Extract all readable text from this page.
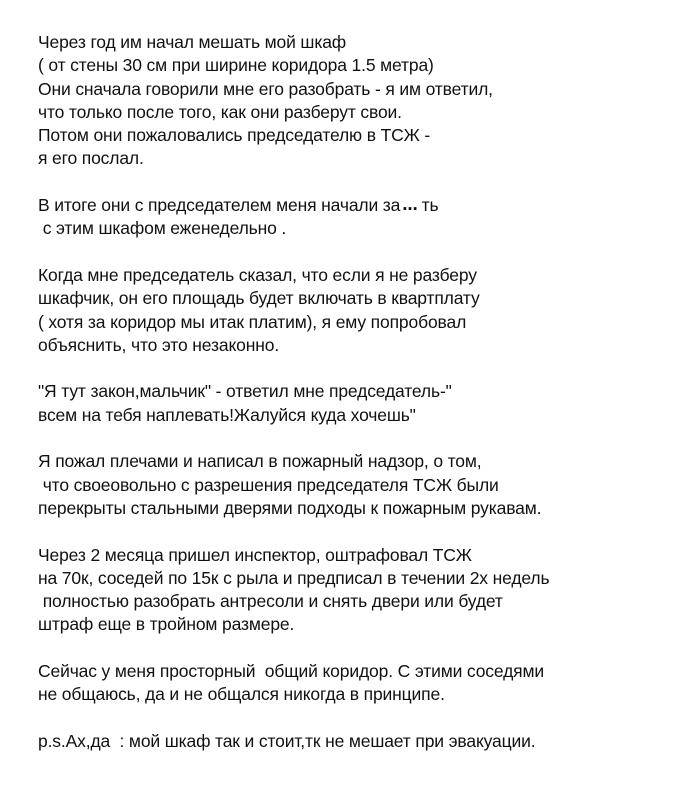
Через год им начал мешать мой шкаф
( от стены 30 см при ширине коридора 1.5 метра)
Они сначала говорили мне его разобрать - я им ответил,
что только после того, как они разберут свои.
Потом они пожаловались председателю в ТСЖ -
я его послал.

В итоге они с председателем меня начали за ... ть
с этим шкафом еженедельно .

Когда мне председатель сказал, что если я не разберу
шкафчик, он его площадь будет включать в квартплату
( хотя за коридор мы итак платим), я ему попробовал
объяснить, что это незаконно.

"Я тут закон,мальчик" - ответил мне председатель-"
всем на тебя наплевать!Жалуйся куда хочешь"

Я пожал плечами и написал в пожарный надзор, о том,
что своеовольно с разрешения председателя ТСЖ были
перекрыты стальными дверями подходы к пожарным рукавам.

Через 2 месяца пришел инспектор, оштрафовал ТСЖ
на 70к, соседей по 15к с рыла и предписал в течении 2х недель
полностью разобрать антресоли и снять двери или будет
штраф еще в тройном размере.

Сейчас у меня просторный  общий коридор. С этими соседями
не общаюсь, да и не общался никогда в принципе.

p.s.Ах,да  : мой шкаф так и стоит,тк не мешает при эвакуации.
